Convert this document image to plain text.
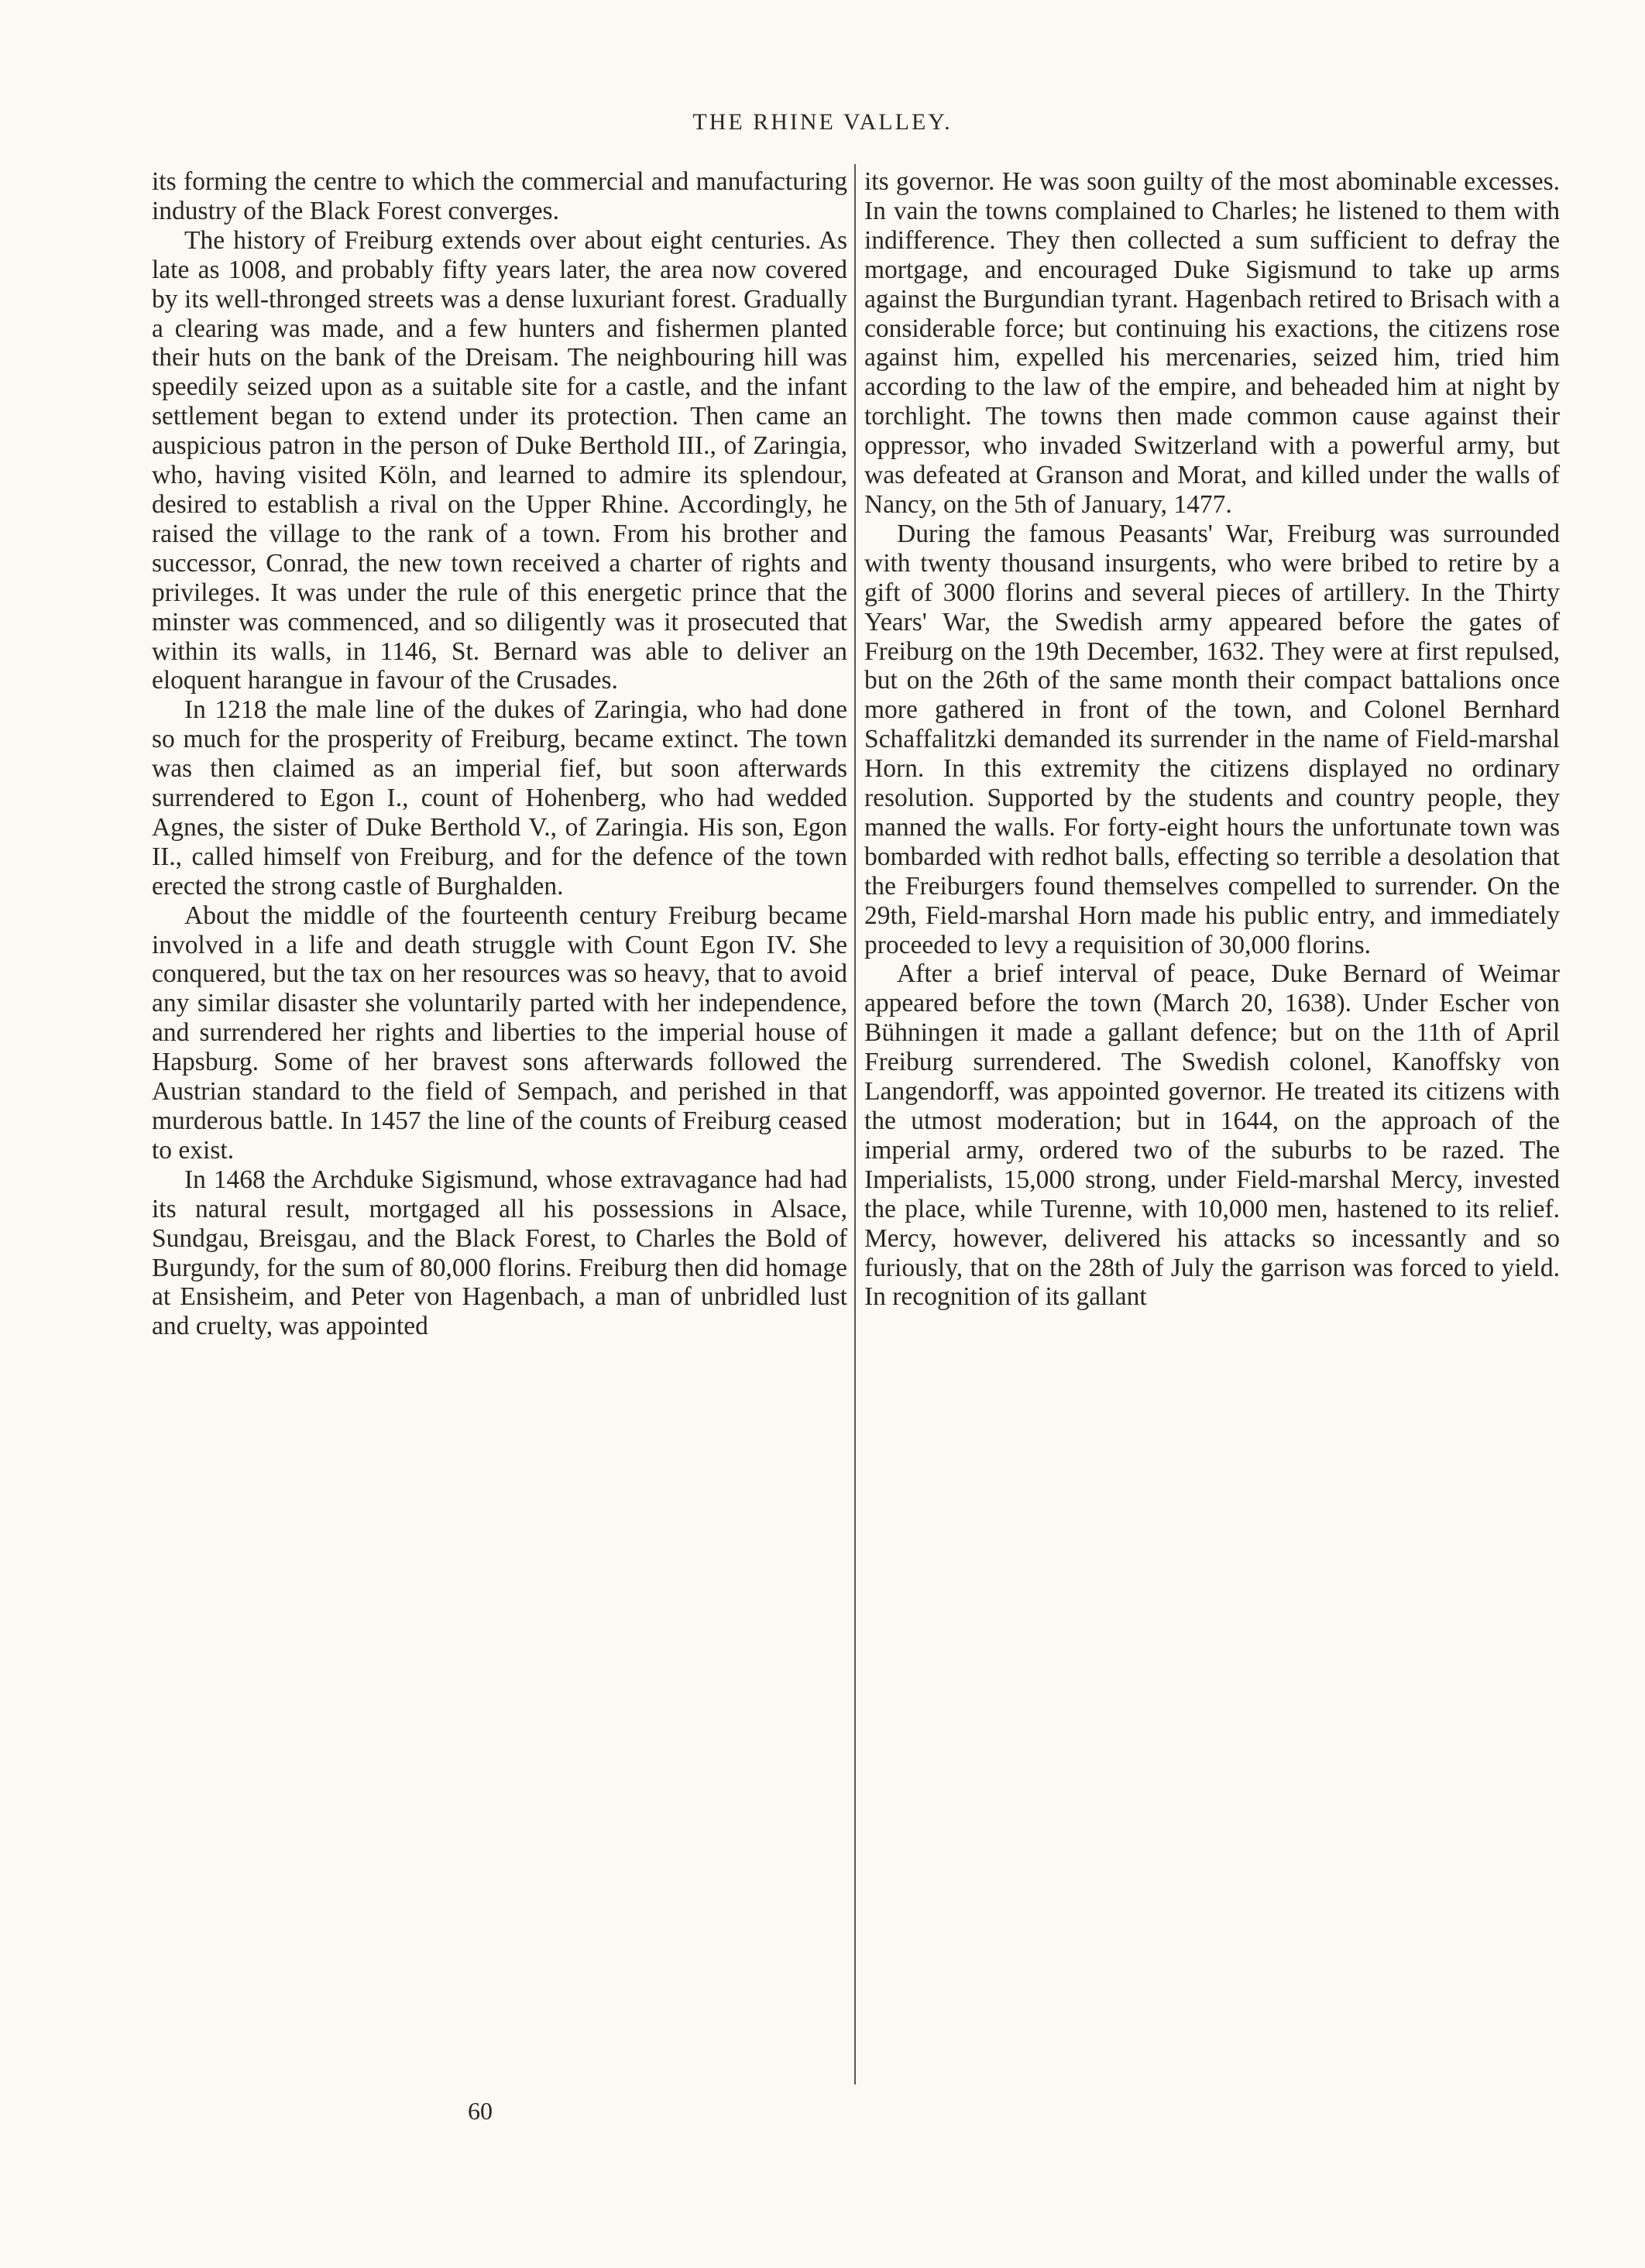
THE RHINE VALLEY.

its forming the centre to which the commercial and manufacturing industry of the Black Forest converges.

The history of Freiburg extends over about eight centuries. As late as 1008, and probably fifty years later, the area now covered by its well-thronged streets was a dense luxuriant forest. Gradually a clearing was made, and a few hunters and fishermen planted their huts on the bank of the Dreisam. The neighbouring hill was speedily seized upon as a suitable site for a castle, and the infant settlement began to extend under its protection. Then came an auspicious patron in the person of Duke Berthold III., of Zaringia, who, having visited Köln, and learned to admire its splendour, desired to establish a rival on the Upper Rhine. Accordingly, he raised the village to the rank of a town. From his brother and successor, Conrad, the new town received a charter of rights and privileges. It was under the rule of this energetic prince that the minster was commenced, and so diligently was it prosecuted that within its walls, in 1146, St. Bernard was able to deliver an eloquent harangue in favour of the Crusades.

In 1218 the male line of the dukes of Zaringia, who had done so much for the prosperity of Freiburg, became extinct. The town was then claimed as an imperial fief, but soon afterwards surrendered to Egon I., count of Hohenberg, who had wedded Agnes, the sister of Duke Berthold V., of Zaringia. His son, Egon II., called himself von Freiburg, and for the defence of the town erected the strong castle of Burghalden.

About the middle of the fourteenth century Freiburg became involved in a life and death struggle with Count Egon IV. She conquered, but the tax on her resources was so heavy, that to avoid any similar disaster she voluntarily parted with her independence, and surrendered her rights and liberties to the imperial house of Hapsburg. Some of her bravest sons afterwards followed the Austrian standard to the field of Sempach, and perished in that murderous battle. In 1457 the line of the counts of Freiburg ceased to exist.

In 1468 the Archduke Sigismund, whose extravagance had had its natural result, mortgaged all his possessions in Alsace, Sundgau, Breisgau, and the Black Forest, to Charles the Bold of Burgundy, for the sum of 80,000 florins. Freiburg then did homage at Ensisheim, and Peter von Hagenbach, a man of unbridled lust and cruelty, was appointed

its governor. He was soon guilty of the most abominable excesses. In vain the towns complained to Charles; he listened to them with indifference. They then collected a sum sufficient to defray the mortgage, and encouraged Duke Sigismund to take up arms against the Burgundian tyrant. Hagenbach retired to Brisach with a considerable force; but continuing his exactions, the citizens rose against him, expelled his mercenaries, seized him, tried him according to the law of the empire, and beheaded him at night by torchlight. The towns then made common cause against their oppressor, who invaded Switzerland with a powerful army, but was defeated at Granson and Morat, and killed under the walls of Nancy, on the 5th of January, 1477.

During the famous Peasants' War, Freiburg was surrounded with twenty thousand insurgents, who were bribed to retire by a gift of 3000 florins and several pieces of artillery. In the Thirty Years' War, the Swedish army appeared before the gates of Freiburg on the 19th December, 1632. They were at first repulsed, but on the 26th of the same month their compact battalions once more gathered in front of the town, and Colonel Bernhard Schaffalitzki demanded its surrender in the name of Field-marshal Horn. In this extremity the citizens displayed no ordinary resolution. Supported by the students and country people, they manned the walls. For forty-eight hours the unfortunate town was bombarded with redhot balls, effecting so terrible a desolation that the Freiburgers found themselves compelled to surrender. On the 29th, Field-marshal Horn made his public entry, and immediately proceeded to levy a requisition of 30,000 florins.

After a brief interval of peace, Duke Bernard of Weimar appeared before the town (March 20, 1638). Under Escher von Bühningen it made a gallant defence; but on the 11th of April Freiburg surrendered. The Swedish colonel, Kanoffsky von Langendorff, was appointed governor. He treated its citizens with the utmost moderation; but in 1644, on the approach of the imperial army, ordered two of the suburbs to be razed. The Imperialists, 15,000 strong, under Field-marshal Mercy, invested the place, while Turenne, with 10,000 men, hastened to its relief. Mercy, however, delivered his attacks so incessantly and so furiously, that on the 28th of July the garrison was forced to yield. In recognition of its gallant

60
